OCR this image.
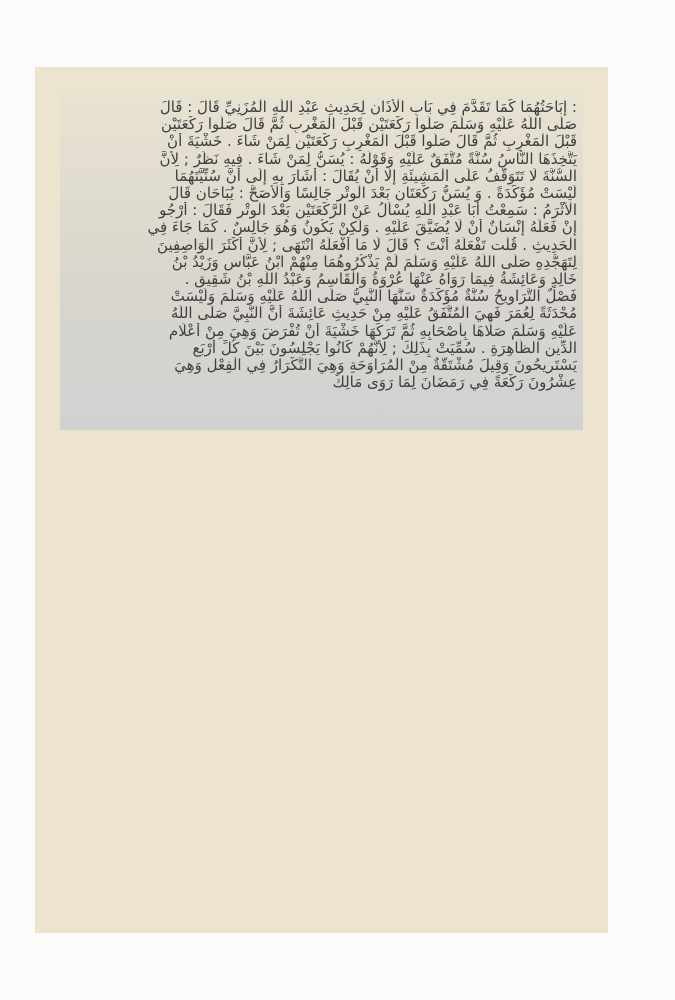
: إِبَاحَتُهُمَا كَمَا تَقَدَّمَ فِي بَابِ الْأَذَانِ لِحَدِيثِ عَبْدِ اللَّهِ الْمُزَنِيِّ قَالَ : قَالَ
صَلَّى اللَّهُ عَلَيْهِ وَسَلَّمَ صَلُّوا رَكْعَتَيْنِ قَبْلَ الْمَغْرِبِ ثُمَّ قَالَ صَلُّوا رَكْعَتَيْنِ
قَبْلَ الْمَغْرِبِ ثُمَّ قَالَ صَلُّوا قَبْلَ الْمَغْرِبِ رَكْعَتَيْنِ لِمَنْ شَاءَ . خَشْيَةَ أَنْ
يَتَّخِذَهَا النَّاسُ سُنَّةً مُتَّفَقٌ عَلَيْهِ وَقَوْلُهُ : يُسَنُّ لِمَنْ شَاءَ . فِيهِ نَظَرٌ ; لِأَنَّ
السُّنَّةَ لَا تَتَوَقَّفُ عَلَى الْمَشِيئَةِ إلَّا أَنْ يُقَالَ : أَشَارَ بِهِ إلَى أَنَّ سُنِّيَّتَهُمَا
لَيْسَتْ مُؤَكَّدَةً . وَ يُسَنُّ رَكْعَتَانِ بَعْدَ الْوِتْرِ جَالِسًا وَالْأَصَحُّ : يُبَاحَانِ قَالَ
الْأَثْرَمُ : سَمِعْتُ أَبَا عَبْدِ اللَّهِ يُسْأَلُ عَنْ الرَّكْعَتَيْنِ بَعْدَ الْوِتْرِ فَقَالَ : أَرْجُو
إنْ فَعَلَهُ إنْسَانٌ أَنْ لَا يُضَيَّقَ عَلَيْهِ . وَلَكِنْ يَكُونُ وَهُوَ جَالِسٌ . كَمَا جَاءَ فِي
الْحَدِيثِ . قُلْت تَفْعَلُهُ أَنْتَ ؟ قَالَ لَا مَا أَفْعَلُهُ انْتَهَى ; لِأَنَّ أَكْثَرَ الْوَاصِفِينَ
لِتَهَجُّدِهِ صَلَّى اللَّهُ عَلَيْهِ وَسَلَّمَ لَمْ يَذْكُرُوهُمَا مِنْهُمْ ابْنُ عَبَّاسٍ وَزَيْدُ بْنُ
خَالِدٍ وَعَائِشَةُ فِيمَا رَوَاهُ عَنْهَا عُرْوَةُ وَالْقَاسِمُ وَعَبْدُ اللَّهِ بْنُ شَقِيقٍ .
فَصْلٌ التَّرَاوِيحُ سُنَّةٌ مُؤَكَّدَةٌ سَنَّهَا النَّبِيُّ صَلَّى اللَّهُ عَلَيْهِ وَسَلَّمَ وَلَيْسَتْ
مُحْدَثَةً لِعُمَرَ فَهِيَ الْمُتَّفَقُ عَلَيْهِ مِنْ حَدِيثِ عَائِشَةَ أَنَّ النَّبِيَّ صَلَّى اللَّهُ
عَلَيْهِ وَسَلَّمَ صَلَّاهَا بِأَصْحَابِهِ ثُمَّ تَرَكَهَا خَشْيَةَ أَنْ تُفْرَضَ وَهِيَ مِنْ أَعْلَامِ
الدِّينِ الظَّاهِرَةِ . سُمِّيَتْ بِذَلِكَ ; لِأَنَّهُمْ كَانُوا يَجْلِسُونَ بَيْنَ كُلِّ أَرْبَعٍ
يَسْتَرِيحُونَ وَقِيلَ مُشْتَقَّةٌ مِنْ الْمُرَاوَحَةِ وَهِيَ التَّكْرَارُ فِي الْفِعْلِ وَهِيَ
عِشْرُونَ رَكْعَةً فِي رَمَضَانَ لِمَا رَوَى مَالِكٌ
